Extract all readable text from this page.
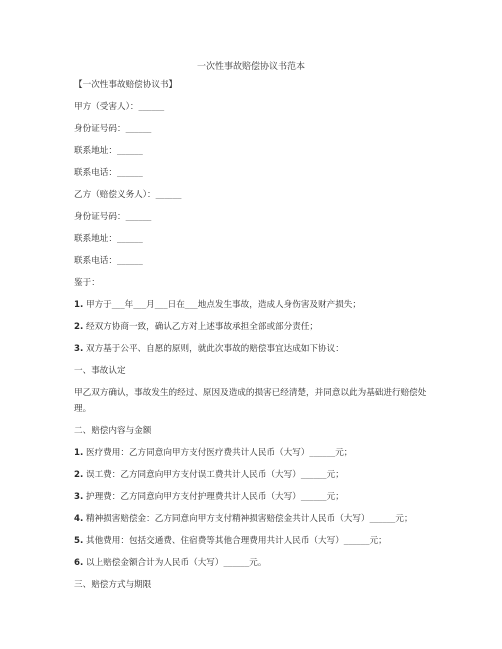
一次性事故赔偿协议书范本
【一次性事故赔偿协议书】
甲方（受害人）：______
身份证号码：______
联系地址：______
联系电话：______
乙方（赔偿义务人）：______
身份证号码：______
联系地址：______
联系电话：______
鉴于：
1. 甲方于___年___月___日在___地点发生事故，造成人身伤害及财产损失；
2. 经双方协商一致，确认乙方对上述事故承担全部或部分责任；
3. 双方基于公平、自愿的原则，就此次事故的赔偿事宜达成如下协议：
一、事故认定
甲乙双方确认，事故发生的经过、原因及造成的损害已经清楚，并同意以此为基础进行赔偿处理。
二、赔偿内容与金额
1. 医疗费用：乙方同意向甲方支付医疗费共计人民币（大写）______元；
2. 误工费：乙方同意向甲方支付误工费共计人民币（大写）______元；
3. 护理费：乙方同意向甲方支付护理费共计人民币（大写）______元；
4. 精神损害赔偿金：乙方同意向甲方支付精神损害赔偿金共计人民币（大写）______元；
5. 其他费用：包括交通费、住宿费等其他合理费用共计人民币（大写）______元；
6. 以上赔偿金额合计为人民币（大写）______元。
三、赔偿方式与期限
